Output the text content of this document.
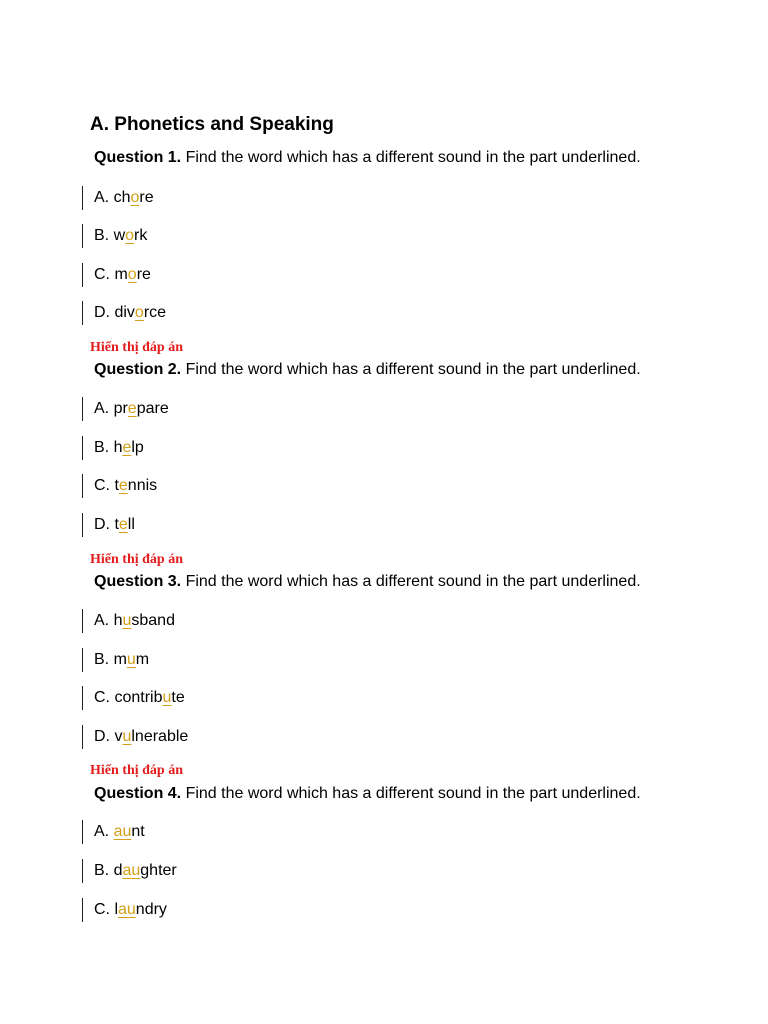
A. Phonetics and Speaking
Question 1. Find the word which has a different sound in the part underlined.
A. chore
B. work
C. more
D. divorce
Hiển thị đáp án
Question 2. Find the word which has a different sound in the part underlined.
A. prepare
B. help
C. tennis
D. tell
Hiển thị đáp án
Question 3. Find the word which has a different sound in the part underlined.
A. husband
B. mum
C. contribute
D. vulnerable
Hiển thị đáp án
Question 4. Find the word which has a different sound in the part underlined.
A. aunt
B. daughter
C. laundry
